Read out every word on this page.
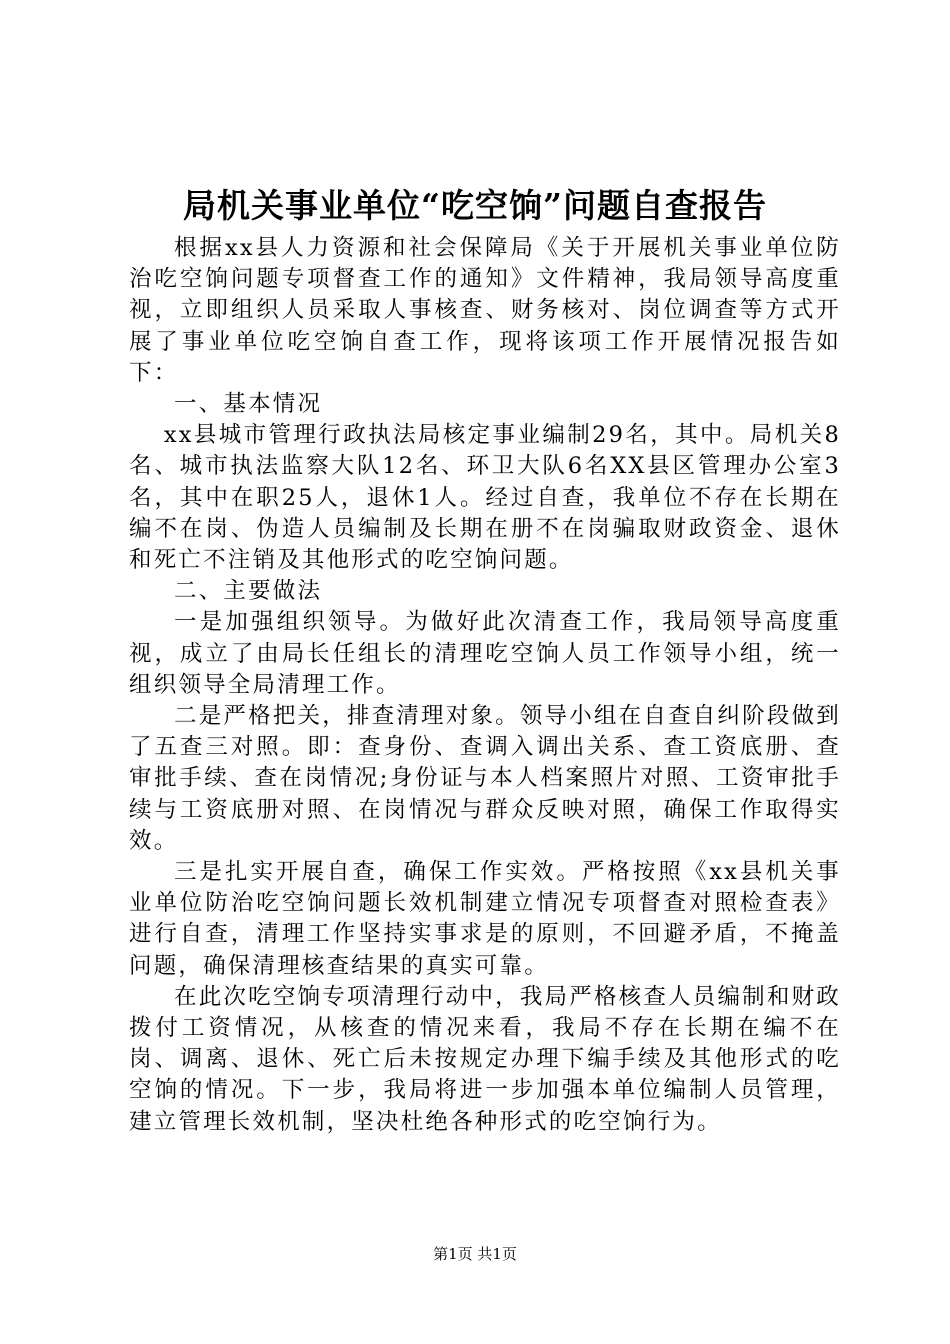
局机关事业单位“吃空饷”问题自查报告

根据xx县人力资源和社会保障局《关于开展机关事业单位防治吃空饷问题专项督查工作的通知》文件精神，我局领导高度重视，立即组织人员采取人事核查、财务核对、岗位调查等方式开展了事业单位吃空饷自查工作，现将该项工作开展情况报告如下：

一、基本情况

xx县城市管理行政执法局核定事业编制29名，其中。局机关8名、城市执法监察大队12名、环卫大队6名XX县区管理办公室3名，其中在职25人，退休1人。经过自查，我单位不存在长期在编不在岗、伪造人员编制及长期在册不在岗骗取财政资金、退休和死亡不注销及其他形式的吃空饷问题。

二、主要做法

一是加强组织领导。为做好此次清查工作，我局领导高度重视，成立了由局长任组长的清理吃空饷人员工作领导小组，统一组织领导全局清理工作。

二是严格把关，排查清理对象。领导小组在自查自纠阶段做到了五查三对照。即：查身份、查调入调出关系、查工资底册、查审批手续、查在岗情况;身份证与本人档案照片对照、工资审批手续与工资底册对照、在岗情况与群众反映对照，确保工作取得实效。

三是扎实开展自查，确保工作实效。严格按照《xx县机关事业单位防治吃空饷问题长效机制建立情况专项督查对照检查表》进行自查，清理工作坚持实事求是的原则，不回避矛盾，不掩盖问题，确保清理核查结果的真实可靠。

在此次吃空饷专项清理行动中，我局严格核查人员编制和财政拨付工资情况，从核查的情况来看，我局不存在长期在编不在岗、调离、退休、死亡后未按规定办理下编手续及其他形式的吃空饷的情况。下一步，我局将进一步加强本单位编制人员管理，建立管理长效机制，坚决杜绝各种形式的吃空饷行为。

第1页 共1页
